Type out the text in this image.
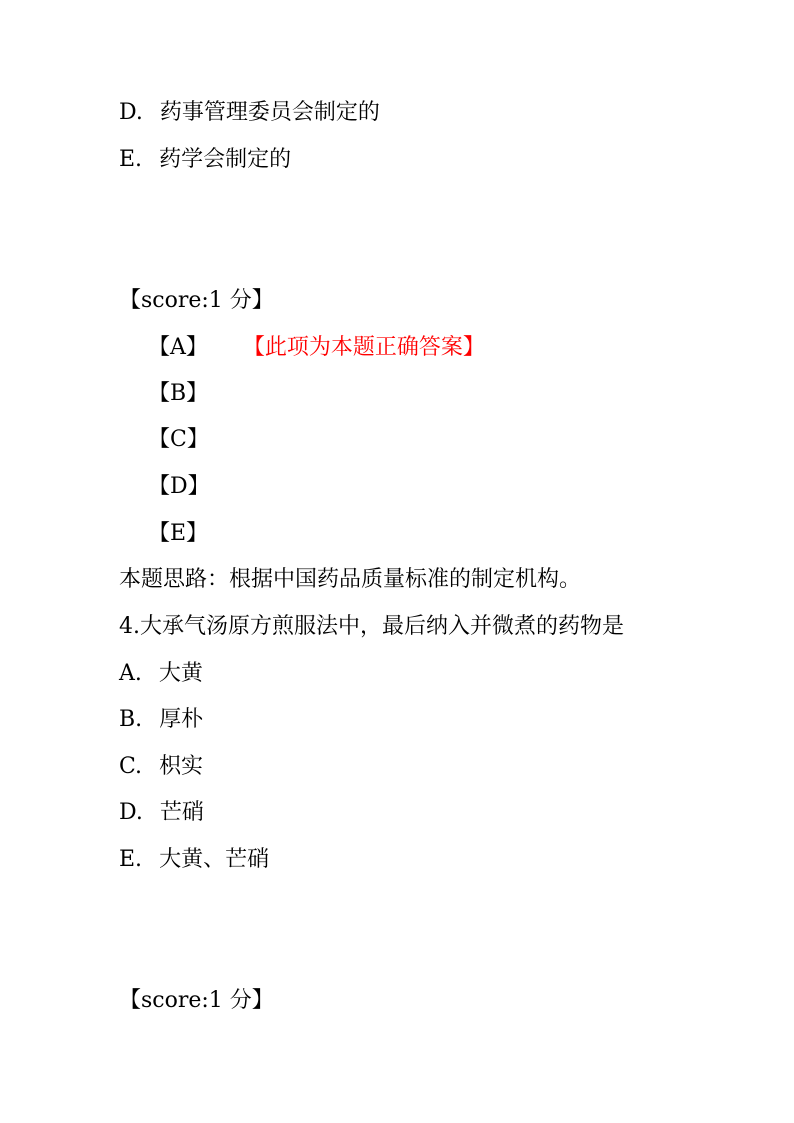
D. 药事管理委员会制定的
E. 药学会制定的
【score:1 分】
【A】 【此项为本题正确答案】
【B】
【C】
【D】
【E】
本题思路：根据中国药品质量标准的制定机构。
4.大承气汤原方煎服法中，最后纳入并微煮的药物是
A. 大黄
B. 厚朴
C. 枳实
D. 芒硝
E. 大黄、芒硝
【score:1 分】
